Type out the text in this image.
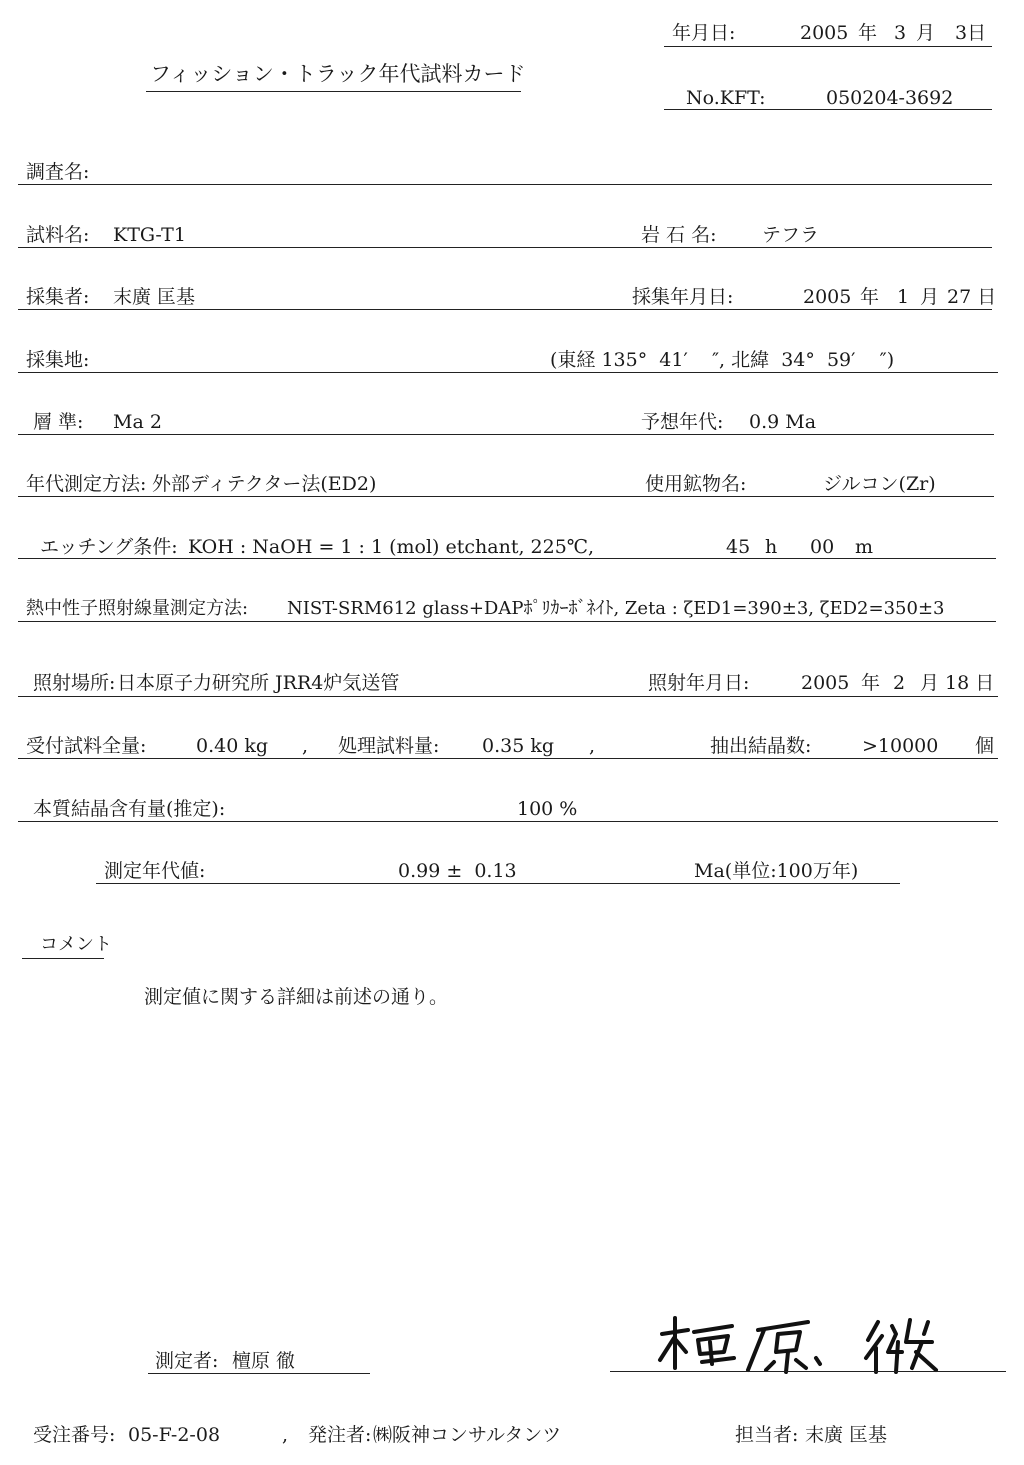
年月日:	2005 年 3 月 3日
フィッション・トラック年代試料カード
No.KFT:	050204-3692
調査名:
試料名: KTG-T1	岩 石 名: テフラ
採集者: 末廣 匡基	採集年月日:	2005 年 1 月 27 日
採集地:	(東経 135°  41′    ″, 北緯  34°  59′    ″)
層 準: Ma 2	予想年代: 0.9 Ma
年代測定方法: 外部ディテクター法(ED2)	使用鉱物名:	ジルコン(Zr)
エッチング条件: KOH : NaOH = 1 : 1 (mol) etchant, 225℃,	45 h 00 m
熱中性子照射線量測定方法: NIST-SRM612 glass+DAPﾎﾟﾘｶｰﾎﾞﾈｲﾄ, Zeta : ζED1=390±3, ζED2=350±3
照射場所: 日本原子力研究所 JRR4炉気送管	照射年月日:	2005 年 2 月 18 日
受付試料全量:	0.40 kg , 処理試料量: 0.35 kg ,	抽出結晶数:	>10000 個
本質結晶含有量(推定):	100 %
測定年代値:	0.99 ±  0.13	Ma(単位:100万年)
コメント
測定値に関する詳細は前述の通り。
測定者: 檀原 徹
受注番号: 05-F-2-08	, 発注者: ㈱阪神コンサルタンツ	担当者: 末廣 匡基
